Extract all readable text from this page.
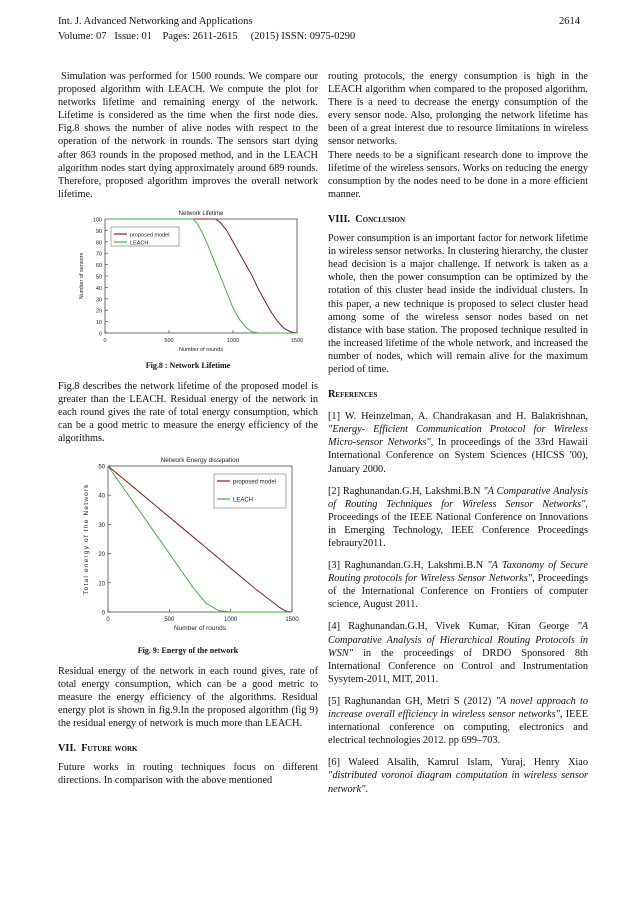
Int. J. Advanced Networking and Applications
Volume: 07   Issue: 01    Pages: 2611-2615     (2015) ISSN: 0975-0290
2614

Simulation was performed for 1500 rounds. We compare our proposed algorithm with LEACH. We compute the plot for networks lifetime and remaining energy of the network. Lifetime is considered as the time when the first node dies. Fig.8 shows the number of alive nodes with respect to the operation of the network in rounds. The sensors start dying after 863 rounds in the proposed method, and in the LEACH algorithm nodes start dying approximately around 689 rounds. Therefore, proposed algorithm improves the overall network lifetime.

Network Lifetime
0	500	1000	1500
0
10
20
30
40
50
60
70
80
90
100
Number of rounds
Number of sensors
proposed model
LEACH
Fig.8 : Network Lifetime

Fig.8 describes the network lifetime of the proposed model is greater than the LEACH. Residual energy of the network in each round gives the rate of total energy consumption, which can be a good metric to measure the energy efficiency of the algorithms.

Network Energy dissipation
0	500	1000	1500
0
10
20
30
40
50
Number of rounds
Total energy of the Network
proposed model
LEACH
Fig. 9: Energy of the network

Residual energy of the network in each round gives, rate of total energy consumption, which can be a good metric to measure the energy efficiency of the algorithms. Residual energy plot is shown in fig.9.In the proposed algorithm (fig 9) the residual energy of network is much more than LEACH.

VII. Future work

Future works in routing techniques focus on different directions. In comparison with the above mentioned

routing protocols, the energy consumption is high in the LEACH algorithm when compared to the proposed algorithm. There is a need to decrease the energy consumption of the every sensor node. Also, prolonging the network lifetime has been of a great interest due to resource limitations in wireless sensor networks.

There needs to be a significant research done to improve the lifetime of the wireless sensors. Works on reducing the energy consumption by the nodes need to be done in a more efficient manner.

VIII. Conclusion

Power consumption is an important factor for network lifetime in wireless sensor networks. In clustering hierarchy, the cluster head decision is a major challenge. If network is taken as a whole, then the power consumption can be optimized by the rotation of this cluster head inside the individual clusters. In this paper, a new technique is proposed to select cluster head among some of the wireless sensor nodes based on net distance with base station. The proposed technique resulted in the increased lifetime of the whole network, and increased the number of nodes, which will remain alive for the maximum period of time.

References

[1] W. Heinzelman, A. Chandrakasan and H. Balakrishnan, "Energy- Efficient Communication Protocol for Wireless Micro-sensor Networks", In proceedings of the 33rd Hawaii International Conference on System Sciences (HICSS '00), January 2000.

[2] Raghunandan.G.H, Lakshmi.B.N "A Comparative Analysis of Routing Techniques for Wireless Sensor Networks", Proceedings of the IEEE National Conference on Innovations in Emerging Technology, IEEE Conference Proceedings febraury2011.

[3] Raghunandan.G.H, Lakshmi.B.N "A Taxonomy of Secure Routing protocols for Wireless Sensor Networks", Proceedings of the International Conference on Frontiers of computer science, August 2011.

[4] Raghunandan.G.H, Vivek Kumar, Kiran George "A Comparative Analysis of Hierarchical Routing Protocols in WSN" in the proceedings of DRDO Sponsored 8th International Conference on Control and Instrumentation Sysytem-2011, MIT, 2011.

[5] Raghunandan GH, Metri S (2012) "A novel approach to increase overall efficiency in wireless sensor networks", IEEE international conference on computing, electronics and electrical technologies 2012. pp 699–703.

[6] Waleed Alsalih, Kamrul Islam, Yuraj, Henry Xiao "distributed voronoi diagram computation in wireless sensor network".
